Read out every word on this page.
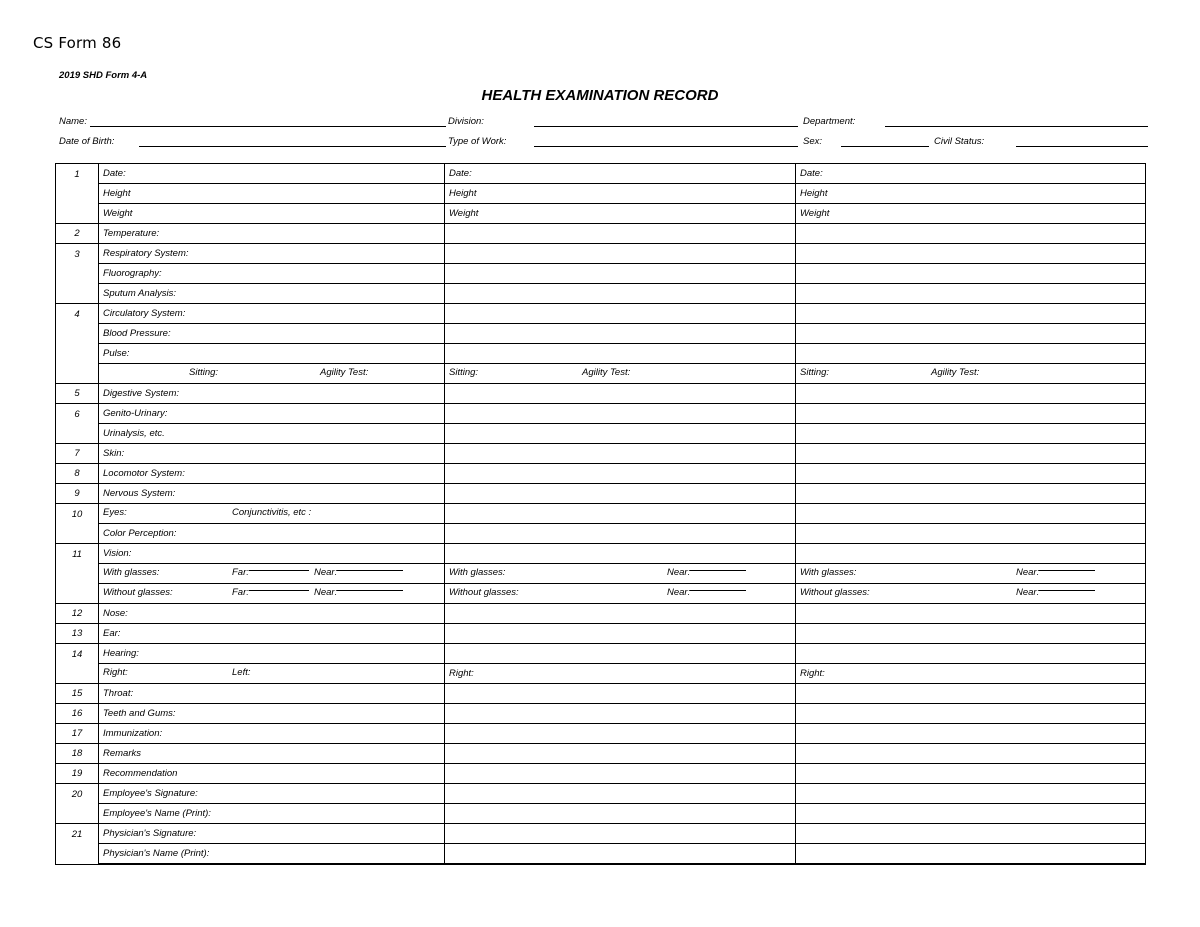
CS Form 86
2019 SHD Form 4-A
HEALTH EXAMINATION RECORD
Name:	Division:	Department:
Date of Birth:	Type of Work:	Sex:	Civil Status:
1	Date:	Date:	Date:
	Height	Height	Height
	Weight	Weight	Weight
2	Temperature:		
3	Respiratory System:		
	Fluorography:		
	Sputum Analysis:		
4	Circulatory System:		
	Blood Pressure:		
	Pulse:		

	Sitting: Agility Test:	Sitting: Agility Test:	Sitting: Agility Test:

5	Digestive System:		
6	Genito-Urinary:		
	Urinalysis, etc.		
7	Skin:		
8	Locomotor System:		
9	Nervous System:		
10	Eyes: Conjunctivitis, etc :		

	Color Perception:		
11	Vision:		

	With glasses: Far: Near:	With glasses: Near:	With glasses: Near:

	Without glasses: Far: Near:	Without glasses: Near:	Without glasses: Near:

12	Nose:		
13	Ear:		
14	Hearing:		

	Right: Left:	Right:	Right:
15	Throat:		
16	Teeth and Gums:		
17	Immunization:		
18	Remarks		
19	Recommendation		
20	Employee's Signature:		
	Employee's Name (Print):		
21	Physician's Signature:		
	Physician's Name (Print):		
